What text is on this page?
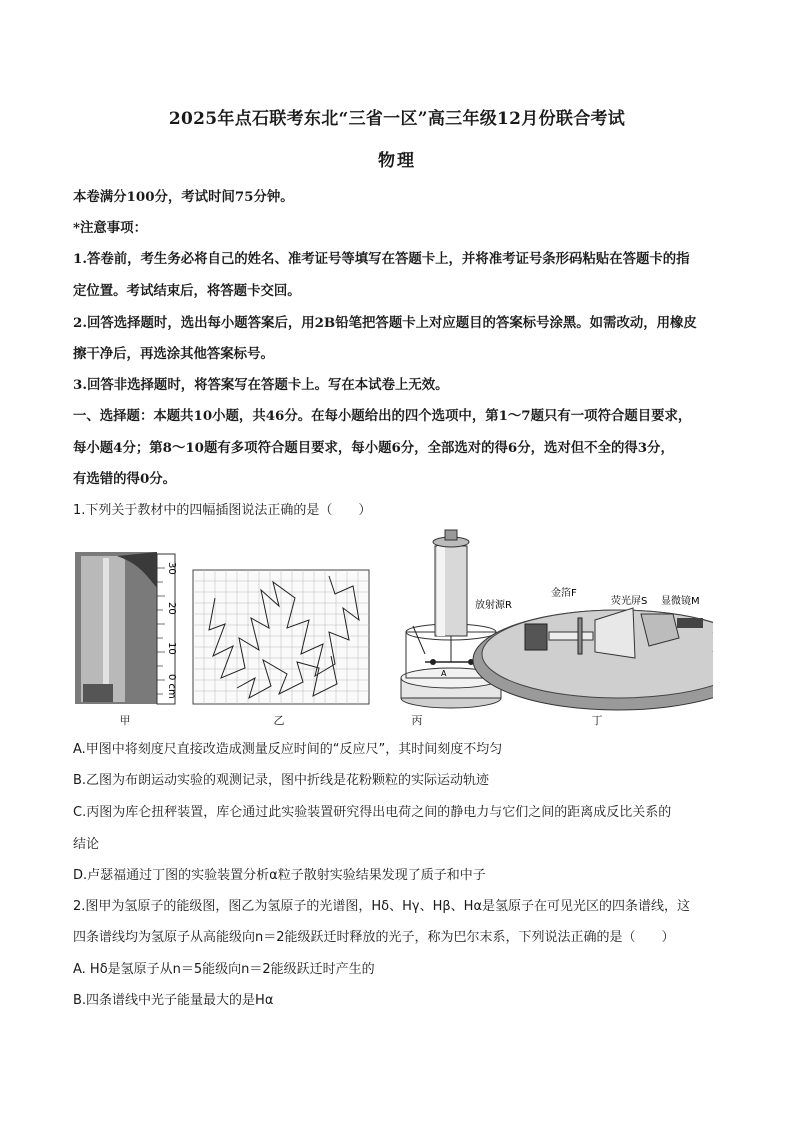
2025年点石联考东北“三省一区”高三年级12月份联合考试
物理
本卷满分100分，考试时间75分钟。
*注意事项：
1.答卷前，考生务必将自己的姓名、准考证号等填写在答题卡上，并将准考证号条形码粘贴在答题卡的指
定位置。考试结束后，将答题卡交回。
2.回答选择题时，选出每小题答案后，用2B铅笔把答题卡上对应题目的答案标号涂黑。如需改动，用橡皮
擦干净后，再选涂其他答案标号。
3.回答非选择题时，将答案写在答题卡上。写在本试卷上无效。
一、选择题：本题共10小题，共46分。在每小题给出的四个选项中，第1～7题只有一项符合题目要求，
每小题4分；第8～10题有多项符合题目要求，每小题6分，全部选对的得6分，选对但不全的得3分，
有选错的得0分。
1.下列关于教材中的四幅插图说法正确的是（　　）
30
20
10
0 cm
A
放射源R
金箔F
荧光屏S 显微镜M
甲	乙	丙	丁
A.甲图中将刻度尺直接改造成测量反应时间的“反应尺”，其时间刻度不均匀
B.乙图为布朗运动实验的观测记录，图中折线是花粉颗粒的实际运动轨迹
C.丙图为库仑扭秤装置，库仑通过此实验装置研究得出电荷之间的静电力与它们之间的距离成反比关系的
结论
D.卢瑟福通过丁图的实验装置分析α粒子散射实验结果发现了质子和中子
2.图甲为氢原子的能级图，图乙为氢原子的光谱图，Hδ、Hγ、Hβ、Hα是氢原子在可见光区的四条谱线，这
四条谱线均为氢原子从高能级向n＝2能级跃迁时释放的光子，称为巴尔末系，下列说法正确的是（　　）
A. Hδ是氢原子从n＝5能级向n＝2能级跃迁时产生的
B.四条谱线中光子能量最大的是Hα
